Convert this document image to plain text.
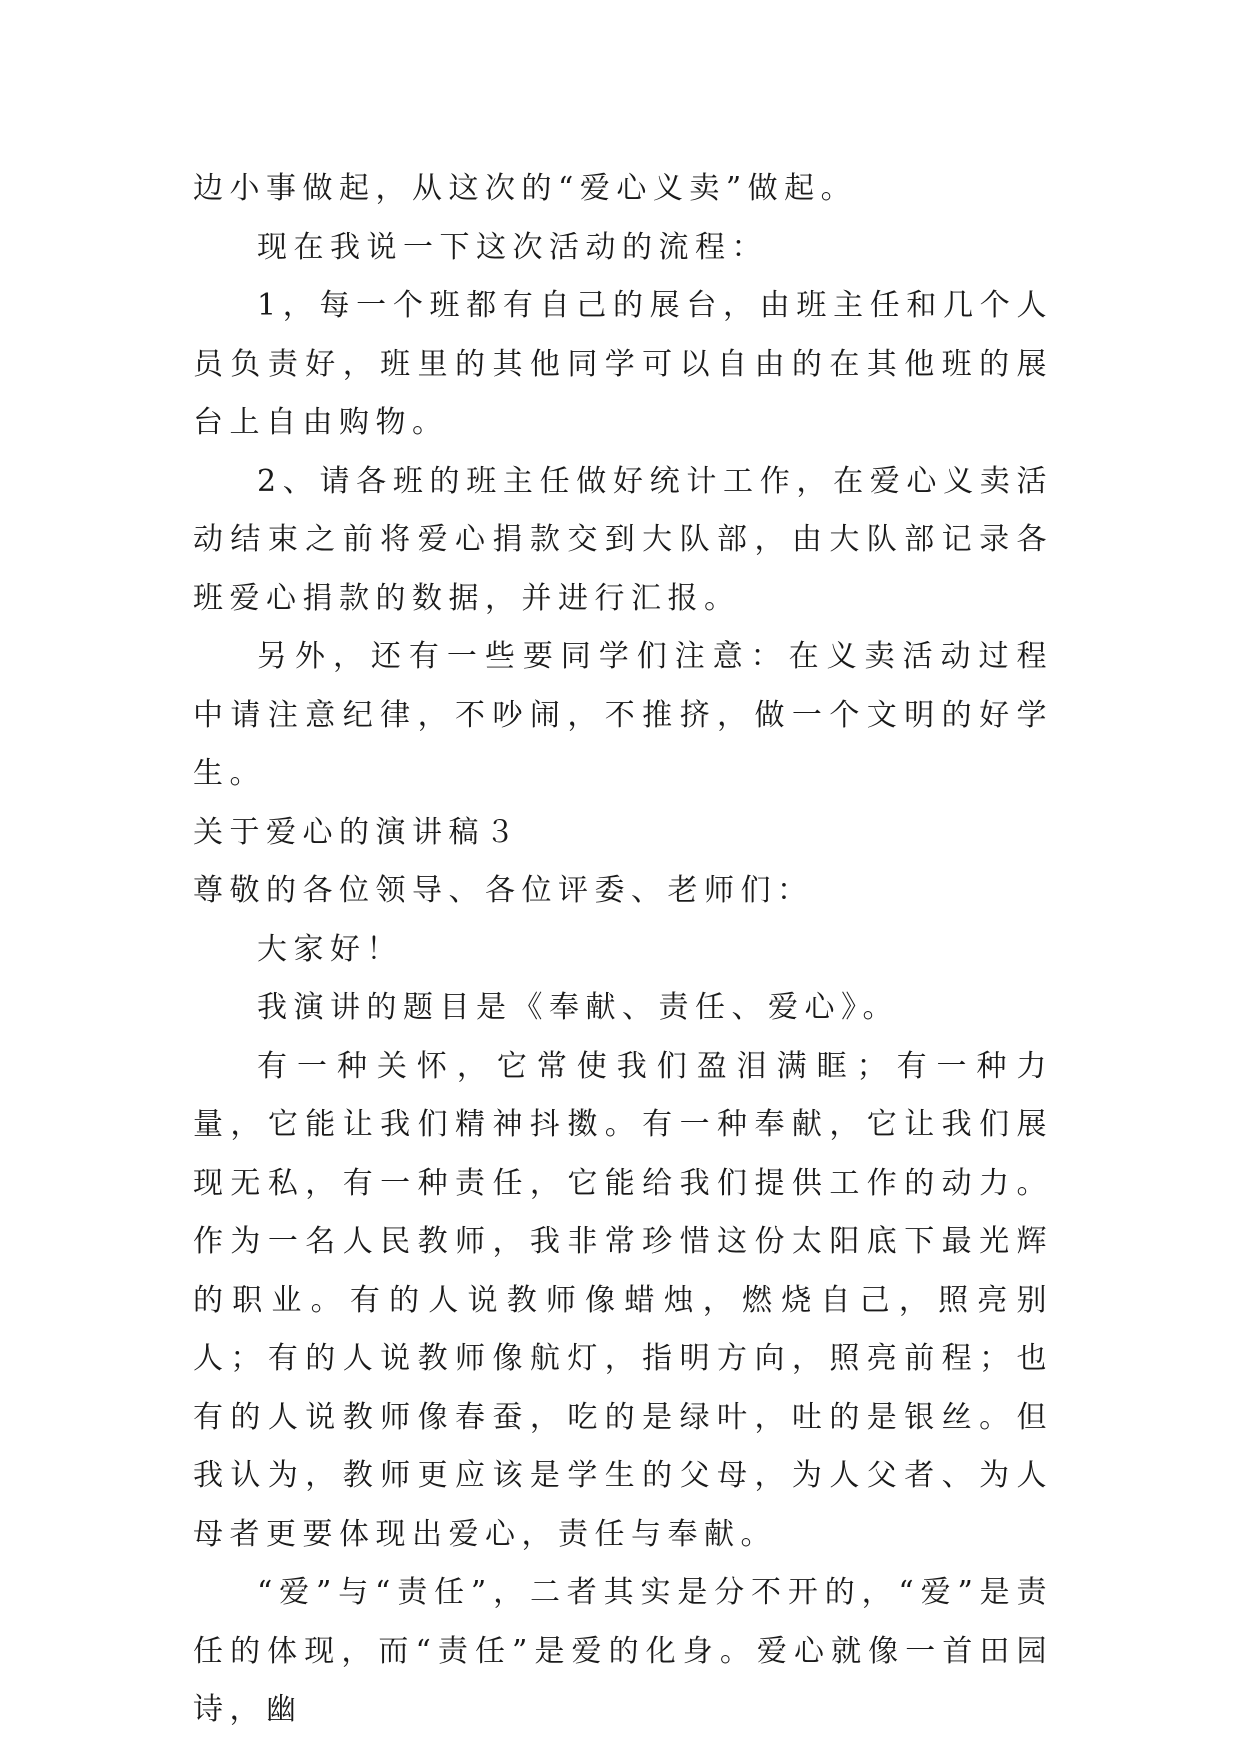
边小事做起，从这次的“爱心义卖”做起。

现在我说一下这次活动的流程：

1，每一个班都有自己的展台，由班主任和几个人员负责好，班里的其他同学可以自由的在其他班的展台上自由购物。

2、请各班的班主任做好统计工作，在爱心义卖活动结束之前将爱心捐款交到大队部，由大队部记录各班爱心捐款的数据，并进行汇报。

另外，还有一些要同学们注意：在义卖活动过程中请注意纪律，不吵闹，不推挤，做一个文明的好学生。

关于爱心的演讲稿３

尊敬的各位领导、各位评委、老师们：

大家好！

我演讲的题目是《奉献、责任、爱心》。

有一种关怀，它常使我们盈泪满眶；有一种力量，它能让我们精神抖擞。有一种奉献，它让我们展现无私，有一种责任，它能给我们提供工作的动力。作为一名人民教师，我非常珍惜这份太阳底下最光辉的职业。有的人说教师像蜡烛，燃烧自己，照亮别人；有的人说教师像航灯，指明方向，照亮前程；也有的人说教师像春蚕，吃的是绿叶，吐的是银丝。但我认为，教师更应该是学生的父母，为人父者、为人母者更要体现出爱心，责任与奉献。

“爱”与“责任”，二者其实是分不开的，“爱”是责任的体现，而“责任”是爱的化身。爱心就像一首田园诗，幽
